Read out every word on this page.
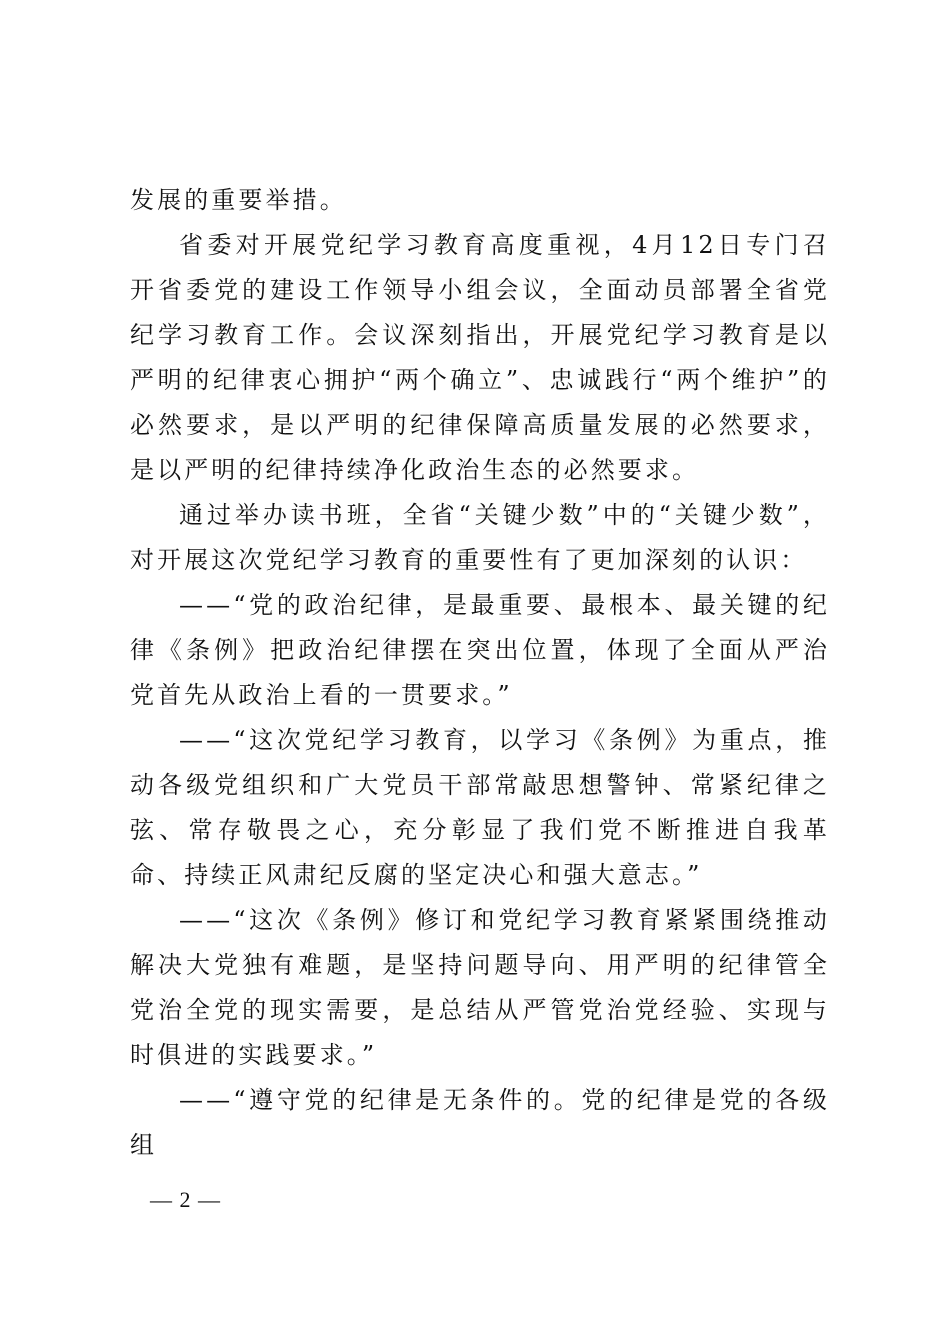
发展的重要举措。

省委对开展党纪学习教育高度重视，4月12日专门召开省委党的建设工作领导小组会议，全面动员部署全省党纪学习教育工作。会议深刻指出，开展党纪学习教育是以严明的纪律衷心拥护“两个确立”、忠诚践行“两个维护”的必然要求，是以严明的纪律保障高质量发展的必然要求，是以严明的纪律持续净化政治生态的必然要求。

通过举办读书班，全省“关键少数”中的“关键少数”，对开展这次党纪学习教育的重要性有了更加深刻的认识：

——“党的政治纪律，是最重要、最根本、最关键的纪律《条例》把政治纪律摆在突出位置，体现了全面从严治党首先从政治上看的一贯要求。”

——“这次党纪学习教育，以学习《条例》为重点，推动各级党组织和广大党员干部常敲思想警钟、常紧纪律之弦、常存敬畏之心，充分彰显了我们党不断推进自我革命、持续正风肃纪反腐的坚定决心和强大意志。”

——“这次《条例》修订和党纪学习教育紧紧围绕推动解决大党独有难题，是坚持问题导向、用严明的纪律管全党治全党的现实需要，是总结从严管党治党经验、实现与时俱进的实践要求。”

——“遵守党的纪律是无条件的。党的纪律是党的各级组

— 2 —
